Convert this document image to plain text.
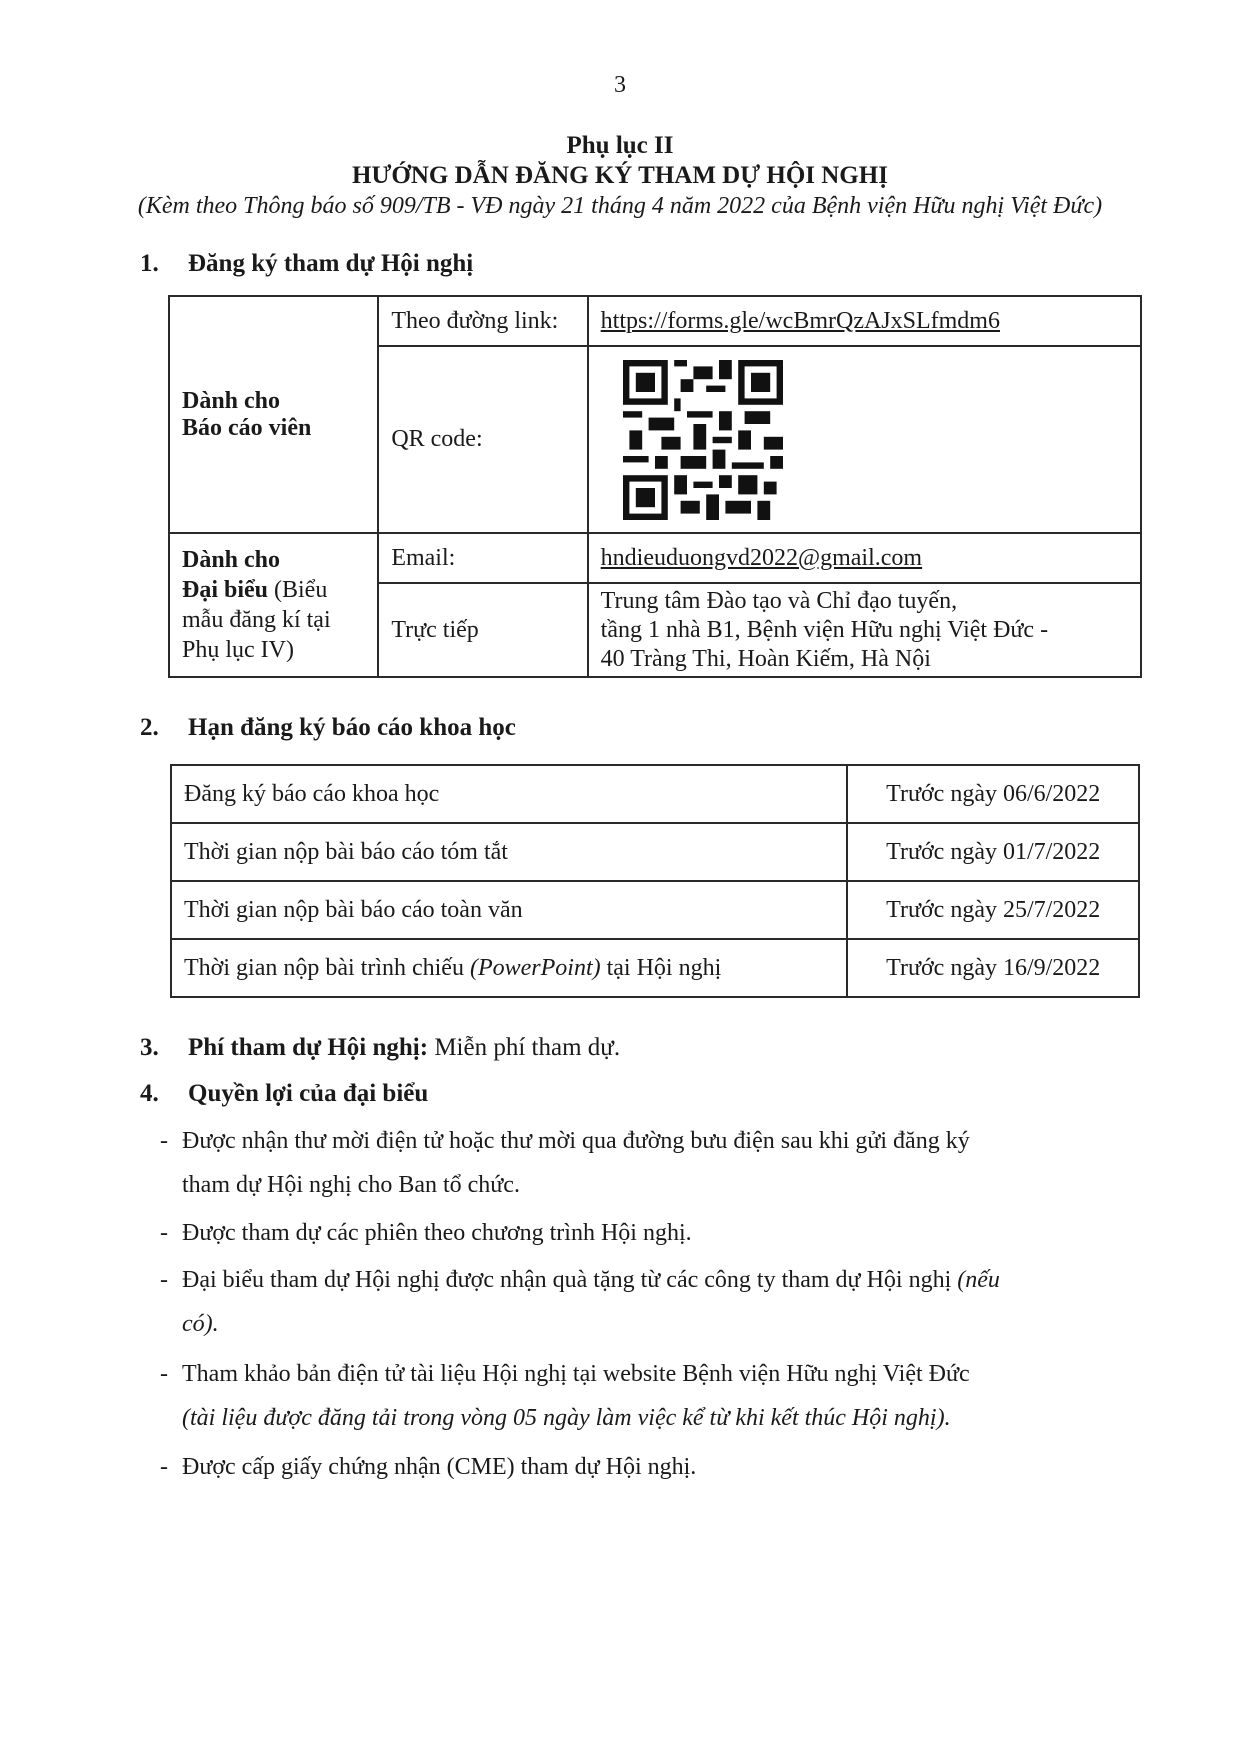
3
Phụ lục II
HƯỚNG DẪN ĐĂNG KÝ THAM DỰ HỘI NGHỊ
(Kèm theo Thông báo số 909/TB - VĐ ngày 21 tháng 4 năm 2022 của Bệnh viện Hữu nghị Việt Đức)
1. Đăng ký tham dự Hội nghị
Dành cho
Báo cáo viên	Theo đường link:	https://forms.gle/wcBmrQzAJxSLfmdm6
	QR code:	

Dành cho
Đại biểu (Biểu mẫu đăng kí tại Phụ lục IV)	Email:	hndieuduongvd2022@gmail.com
	Trực tiếp	Trung tâm Đào tạo và Chỉ đạo tuyến,
tầng 1 nhà B1, Bệnh viện Hữu nghị Việt Đức -
40 Tràng Thi, Hoàn Kiếm, Hà Nội
2. Hạn đăng ký báo cáo khoa học
Đăng ký báo cáo khoa học	Trước ngày 06/6/2022
Thời gian nộp bài báo cáo tóm tắt	Trước ngày 01/7/2022
Thời gian nộp bài báo cáo toàn văn	Trước ngày 25/7/2022
Thời gian nộp bài trình chiếu (PowerPoint) tại Hội nghị	Trước ngày 16/9/2022
3. Phí tham dự Hội nghị: Miễn phí tham dự.
4. Quyền lợi của đại biểu
- Được nhận thư mời điện tử hoặc thư mời qua đường bưu điện sau khi gửi đăng ký
tham dự Hội nghị cho Ban tổ chức.
- Được tham dự các phiên theo chương trình Hội nghị.
- Đại biểu tham dự Hội nghị được nhận quà tặng từ các công ty tham dự Hội nghị (nếu
có).
- Tham khảo bản điện tử tài liệu Hội nghị tại website Bệnh viện Hữu nghị Việt Đức
(tài liệu được đăng tải trong vòng 05 ngày làm việc kể từ khi kết thúc Hội nghị).
- Được cấp giấy chứng nhận (CME) tham dự Hội nghị.
